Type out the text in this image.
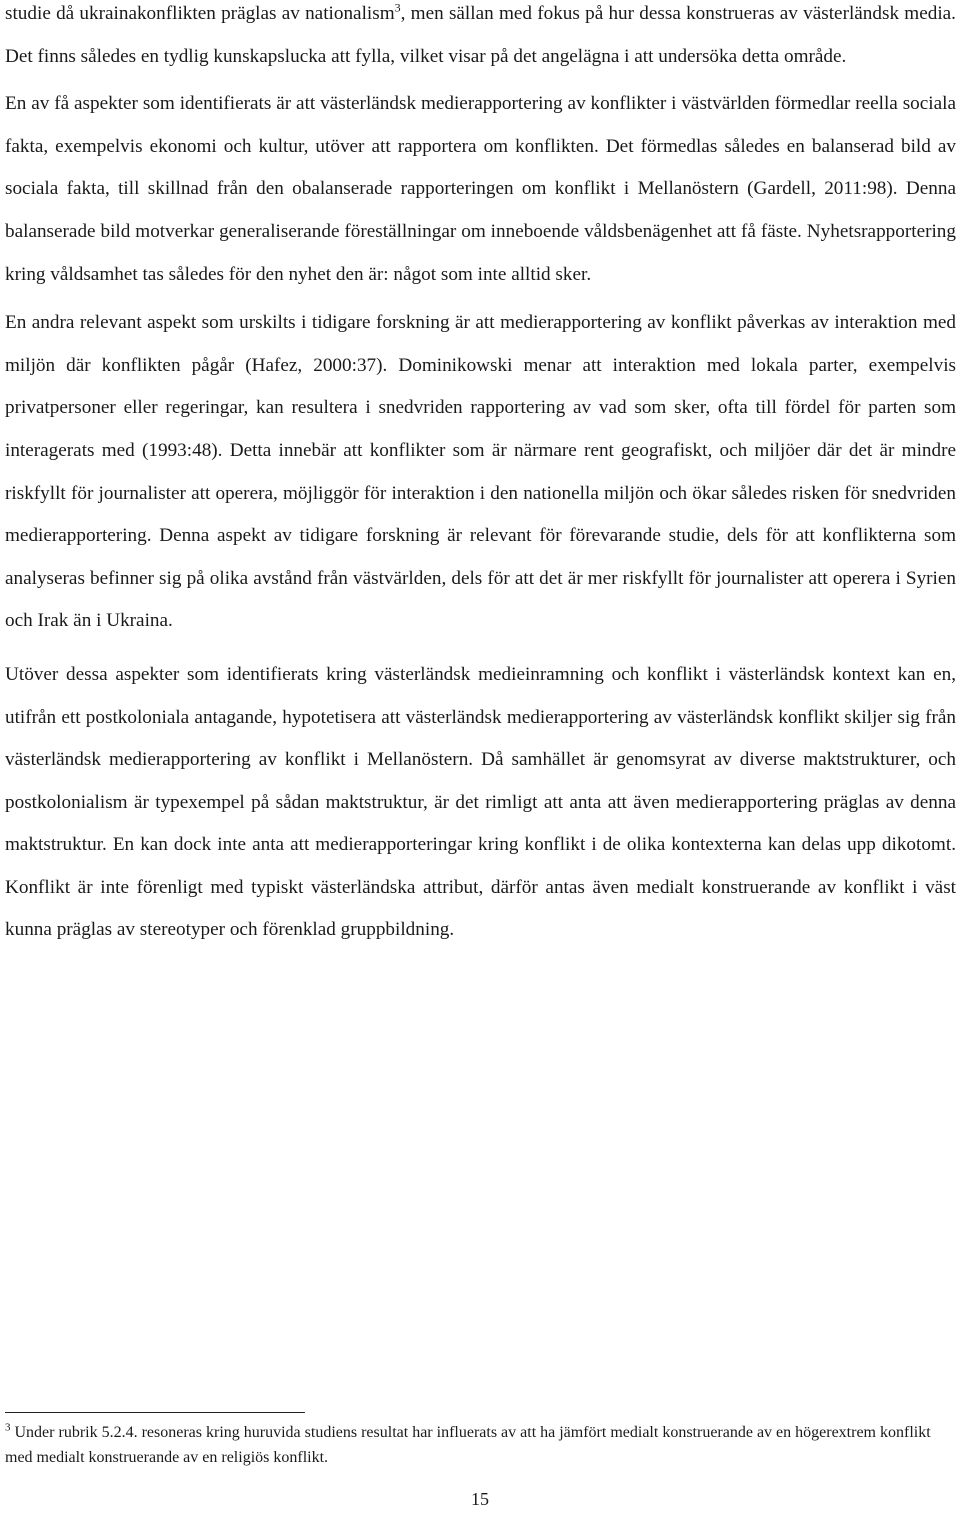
studie då ukrainakonflikten präglas av nationalism$^3$, men sällan med fokus på hur dessa konstrueras av västerländsk media. Det finns således en tydlig kunskapslucka att fylla, vilket visar på det angelägna i att undersöka detta område.

En av få aspekter som identifierats är att västerländsk medierapportering av konflikter i västvärlden förmedlar reella sociala fakta, exempelvis ekonomi och kultur, utöver att rapportera om konflikten. Det förmedlas således en balanserad bild av sociala fakta, till skillnad från den obalanserade rapporteringen om konflikt i Mellanöstern (Gardell, 2011:98). Denna balanserade bild motverkar generaliserande föreställningar om inneboende våldsbenägenhet att få fäste. Nyhetsrapportering kring våldsamhet tas således för den nyhet den är: något som inte alltid sker.

En andra relevant aspekt som urskilts i tidigare forskning är att medierapportering av konflikt påverkas av interaktion med miljön där konflikten pågår (Hafez, 2000:37). Dominikowski menar att interaktion med lokala parter, exempelvis privatpersoner eller regeringar, kan resultera i snedvriden rapportering av vad som sker, ofta till fördel för parten som interagerats med (1993:48). Detta innebär att konflikter som är närmare rent geografiskt, och miljöer där det är mindre riskfyllt för journalister att operera, möjliggör för interaktion i den nationella miljön och ökar således risken för snedvriden medierapportering. Denna aspekt av tidigare forskning är relevant för förevarande studie, dels för att konflikterna som analyseras befinner sig på olika avstånd från västvärlden, dels för att det är mer riskfyllt för journalister att operera i Syrien och Irak än i Ukraina.

Utöver dessa aspekter som identifierats kring västerländsk medieinramning och konflikt i västerländsk kontext kan en, utifrån ett postkoloniala antagande, hypotetisera att västerländsk medierapportering av västerländsk konflikt skiljer sig från västerländsk medierapportering av konflikt i Mellanöstern. Då samhället är genomsyrat av diverse maktstrukturer, och postkolonialism är typexempel på sådan maktstruktur, är det rimligt att anta att även medierapportering präglas av denna maktstruktur. En kan dock inte anta att medierapporteringar kring konflikt i de olika kontexterna kan delas upp dikotomt. Konflikt är inte förenligt med typiskt västerländska attribut, därför antas även medialt konstruerande av konflikt i väst kunna präglas av stereotyper och förenklad gruppbildning.

$^3$ Under rubrik 5.2.4. resoneras kring huruvida studiens resultat har influerats av att ha jämfört medialt konstruerande av en högerextrem konflikt med medialt konstruerande av en religiös konflikt.

15
